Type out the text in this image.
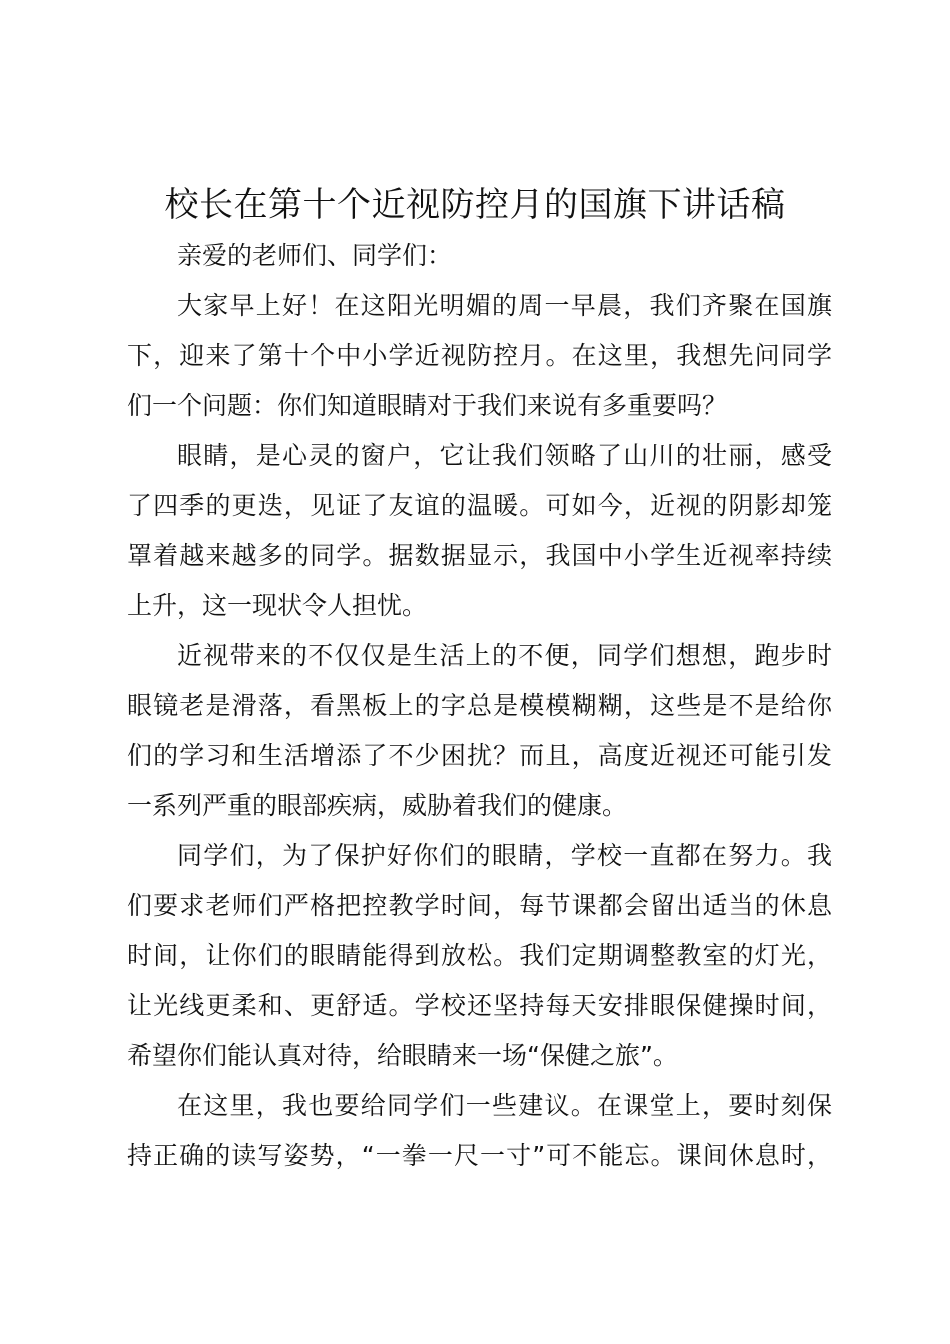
校长在第十个近视防控月的国旗下讲话稿

亲爱的老师们、同学们：

大家早上好！在这阳光明媚的周一早晨，我们齐聚在国旗

下，迎来了第十个中小学近视防控月。在这里，我想先问同学

们一个问题：你们知道眼睛对于我们来说有多重要吗？

眼睛，是心灵的窗户，它让我们领略了山川的壮丽，感受

了四季的更迭，见证了友谊的温暖。可如今，近视的阴影却笼

罩着越来越多的同学。据数据显示，我国中小学生近视率持续

上升，这一现状令人担忧。

近视带来的不仅仅是生活上的不便，同学们想想，跑步时

眼镜老是滑落，看黑板上的字总是模模糊糊，这些是不是给你

们的学习和生活增添了不少困扰？而且，高度近视还可能引发

一系列严重的眼部疾病，威胁着我们的健康。

同学们，为了保护好你们的眼睛，学校一直都在努力。我

们要求老师们严格把控教学时间，每节课都会留出适当的休息

时间，让你们的眼睛能得到放松。我们定期调整教室的灯光，

让光线更柔和、更舒适。学校还坚持每天安排眼保健操时间，

希望你们能认真对待，给眼睛来一场“保健之旅”。

在这里，我也要给同学们一些建议。在课堂上，要时刻保

持正确的读写姿势，“一拳一尺一寸”可不能忘。课间休息时，
